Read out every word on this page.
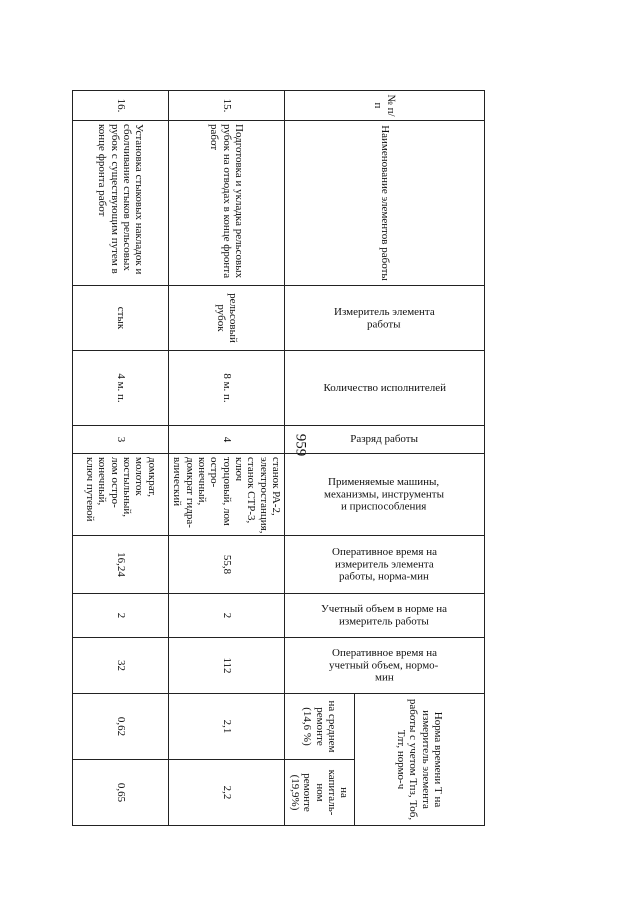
959
№ п/п	Наименование элементов работы	Измеритель элемента работы	Количество исполнителей	Разряд работы	Применяемые машины, механизмы, инструменты и приспособления	Оперативное время на измеритель элемента работы, норма-мин	Учетный объем в норме на измеритель работы	Оперативное время на учетный объем, нормо-мин	Норма времени Т на измеритель элемента работы с учетом Тпз, Тоб, Тлт, нормо-ч	
									на среднем ремонте (14,6 %)	на капиталь-ном ремонте (19,9%)
15.	Подготовка и укладка рельсовых рубок на отводах в конце фронта работ	рельсовый рубок	8 м. п.	4	станок РА-2, электростанция, станок СТР-3, ключ торцовый, лом остро-конечный, домкрат гидра-влический	55,8	2	112	2,1	2,2
16.	Установка стыковых накладок и сболчивание стыков рельсовых рубок с существующим путем в конце фронта работ	стык	4 м. п.	3	домкрат, молоток костыльный, лом остро-конечный, ключ путевой	16,24	2	32	0,62	0,65
